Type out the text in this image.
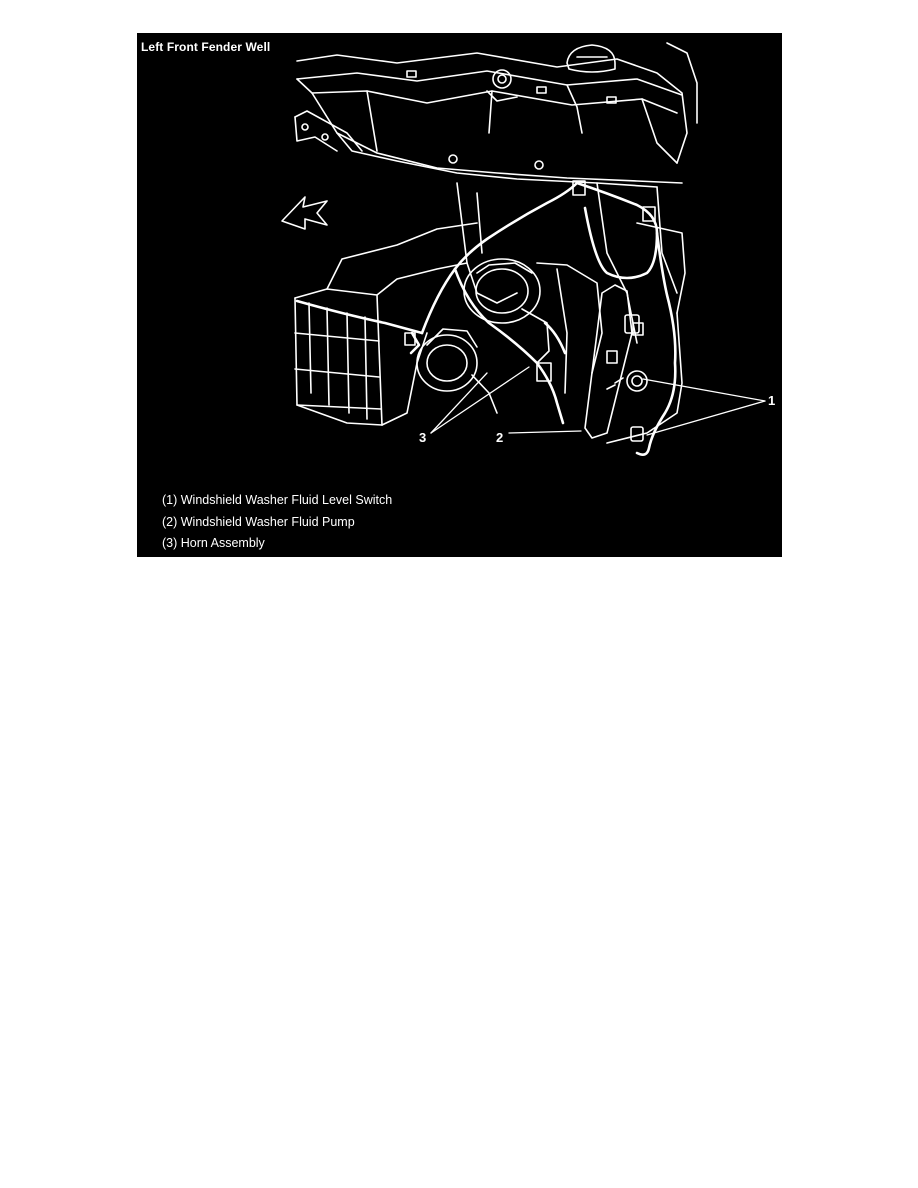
1
2
3
Left Front Fender Well
(1) Windshield Washer Fluid Level Switch
(2) Windshield Washer Fluid Pump
(3) Horn Assembly
